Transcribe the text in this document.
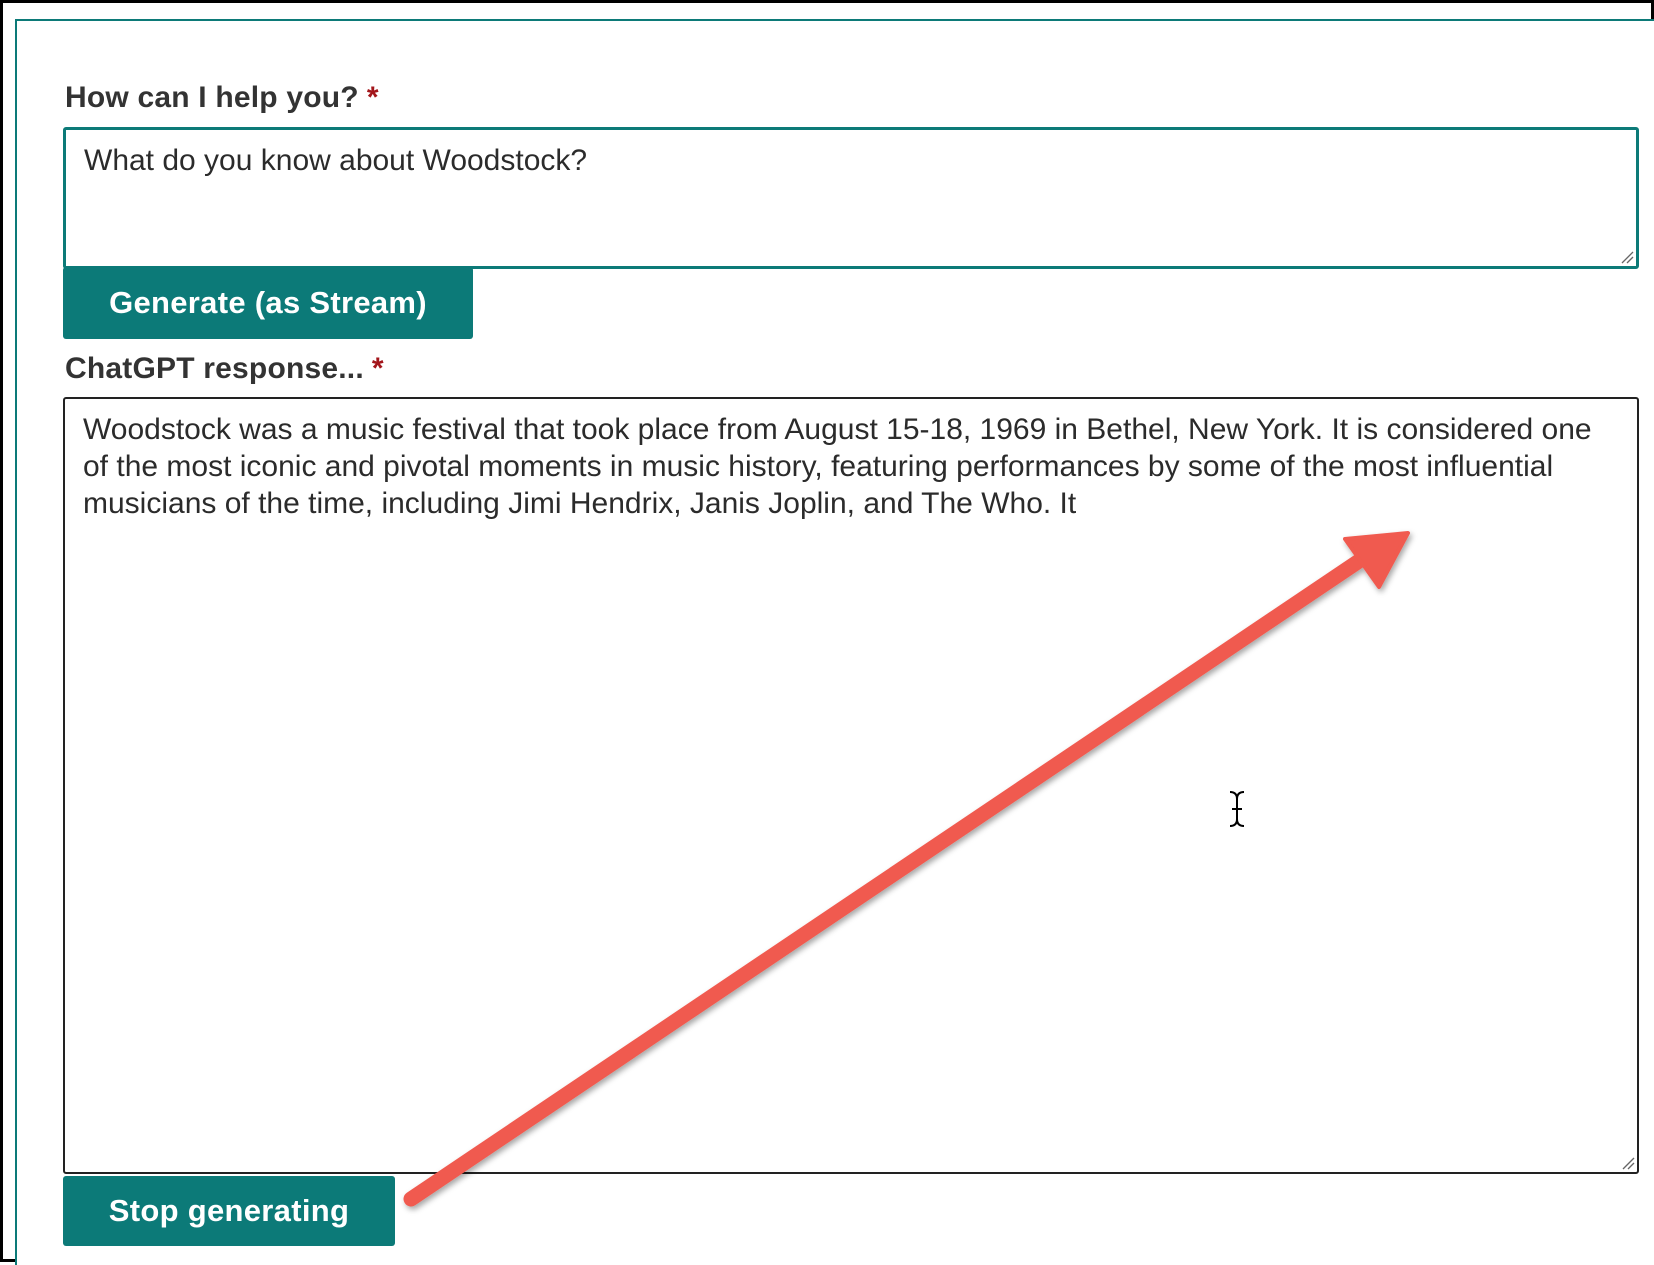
How can I help you? *
What do you know about Woodstock?
Generate (as Stream)
ChatGPT response... *
Woodstock was a music festival that took place from August 15-18, 1969 in Bethel, New York. It is considered one of the most iconic and pivotal moments in music history, featuring performances by some of the most influential musicians of the time, including Jimi Hendrix, Janis Joplin, and The Who. It
Stop generating
